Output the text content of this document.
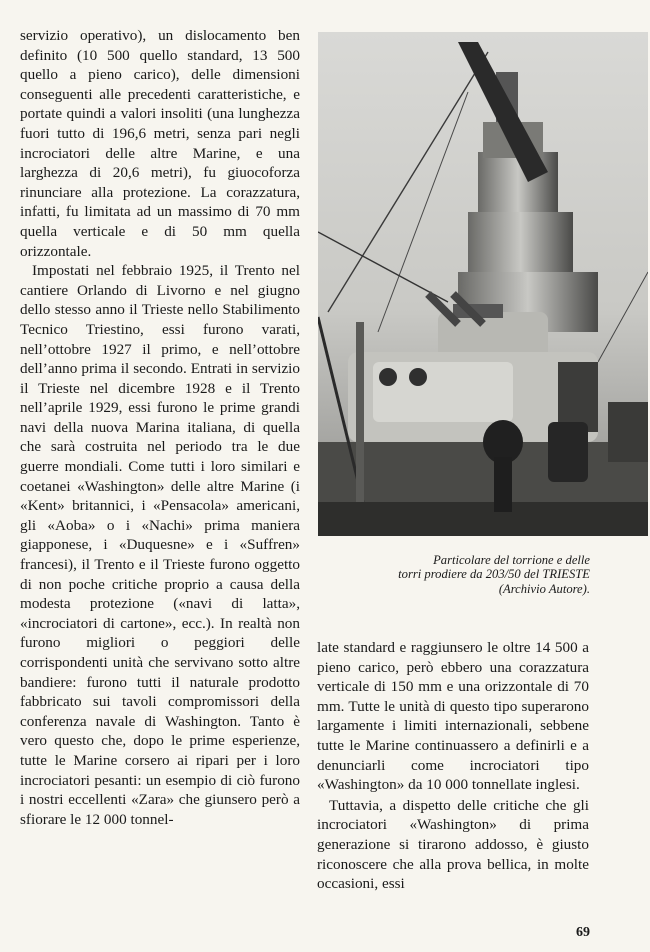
servizio operativo), un dislocamento ben definito (10 500 quello standard, 13 500 quello a pieno carico), delle dimensioni conseguenti alle precedenti caratteristiche, e portate quindi a valori insoliti (una lunghezza fuori tutto di 196,6 metri, senza pari negli incrociatori delle altre Marine, e una larghezza di 20,6 metri), fu giuocoforza rinunciare alla protezione. La corazzatura, infatti, fu limitata ad un massimo di 70 mm quella verticale e di 50 mm quella orizzontale.

Impostati nel febbraio 1925, il Trento nel cantiere Orlando di Livorno e nel giugno dello stesso anno il Trieste nello Stabilimento Tecnico Triestino, essi furono varati, nell’ottobre 1927 il primo, e nell’ottobre dell’anno prima il secondo. Entrati in servizio il Trieste nel dicembre 1928 e il Trento nell’aprile 1929, essi furono le prime grandi navi della nuova Marina italiana, di quella che sarà costruita nel periodo tra le due guerre mondiali. Come tutti i loro similari e coetanei «Washington» delle altre Marine (i «Kent» britannici, i «Pensacola» americani, gli «Aoba» o i «Nachi» prima maniera giapponese, i «Duquesne» e i «Suffren» francesi), il Trento e il Trieste furono oggetto di non poche critiche proprio a causa della modesta protezione («navi di latta», «incrociatori di cartone», ecc.). In realtà non furono migliori o peggiori delle corrispondenti unità che servivano sotto altre bandiere: furono tutti il naturale prodotto fabbricato sui tavoli compromissori della conferenza navale di Washington. Tanto è vero questo che, dopo le prime esperienze, tutte le Marine corsero ai ripari per i loro incrociatori pesanti: un esempio di ciò furono i nostri eccellenti «Zara» che giunsero però a sfiorare le 12 000 tonnel-

Particolare del torrione e delle
torri prodiere da 203/50 del TRIESTE
(Archivio Autore).

late standard e raggiunsero le oltre 14 500 a pieno carico, però ebbero una corazzatura verticale di 150 mm e una orizzontale di 70 mm. Tutte le unità di questo tipo superarono largamente i limiti internazionali, sebbene tutte le Marine continuassero a definirli e a denunciarli come incrociatori tipo «Washington» da 10 000 tonnellate inglesi.

Tuttavia, a dispetto delle critiche che gli incrociatori «Washington» di prima generazione si tirarono addosso, è giusto riconoscere che alla prova bellica, in molte occasioni, essi

69
